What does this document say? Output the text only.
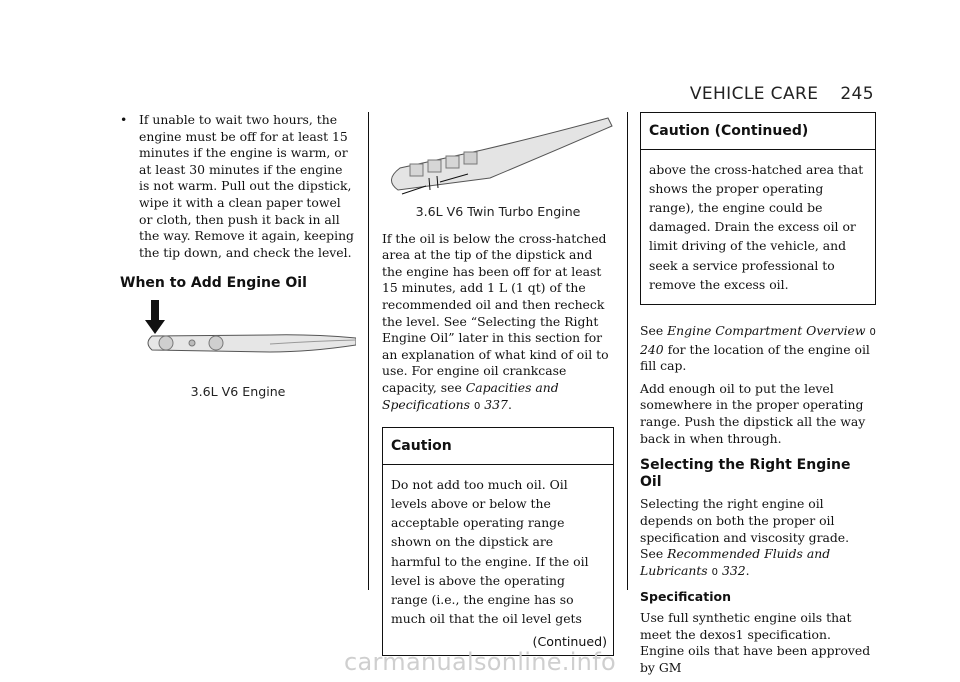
VEHICLE CARE 245
• If unable to wait two hours, the engine must be off for at least 15 minutes if the engine is warm, or at least 30 minutes if the engine is not warm. Pull out the dipstick, wipe it with a clean paper towel or cloth, then push it back in all the way. Remove it again, keeping the tip down, and check the level.
When to Add Engine Oil
3.6L V6 Engine
3.6L V6 Twin Turbo Engine

If the oil is below the cross-hatched area at the tip of the dipstick and the engine has been off for at least 15 minutes, add 1 L (1 qt) of the recommended oil and then recheck the level. See “Selecting the Right Engine Oil” later in this section for an explanation of what kind of oil to use. For engine oil crankcase capacity, see Capacities and Specifications 0 337.

Caution
Do not add too much oil. Oil levels above or below the acceptable operating range shown on the dipstick are harmful to the engine. If the oil level is above the operating range (i.e., the engine has so much oil that the oil level gets
(Continued)
Caution (Continued)
above the cross-hatched area that shows the proper operating range), the engine could be damaged. Drain the excess oil or limit driving of the vehicle, and seek a service professional to remove the excess oil.

See Engine Compartment Overview 0 240 for the location of the engine oil fill cap.

Add enough oil to put the level somewhere in the proper operating range. Push the dipstick all the way back in when through.

Selecting the Right Engine Oil

Selecting the right engine oil depends on both the proper oil specification and viscosity grade. See Recommended Fluids and Lubricants 0 332.

Specification

Use full synthetic engine oils that meet the dexos1 specification. Engine oils that have been approved by GM

carmanualsonline.info
